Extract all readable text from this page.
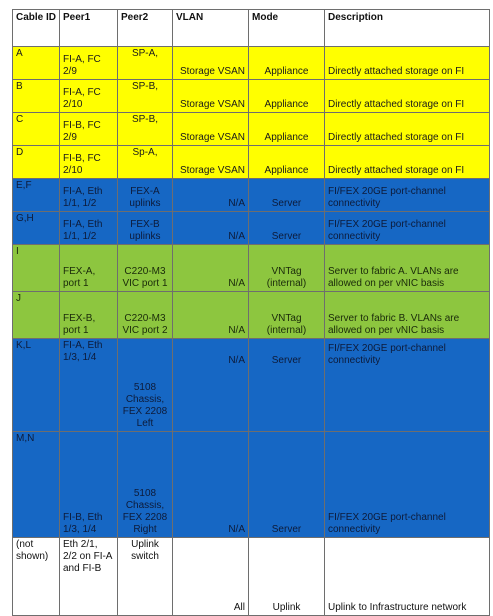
Cable ID	Peer1	Peer2	VLAN	Mode	Description
A	FI-A, FC 2/9	SP-A,	Storage VSAN	Appliance	Directly attached storage on FI
B	FI-A, FC 2/10	SP-B,	Storage VSAN	Appliance	Directly attached storage on FI
C	FI-B, FC 2/9	SP-B,	Storage VSAN	Appliance	Directly attached storage on FI
D	FI-B, FC 2/10	Sp-A,	Storage VSAN	Appliance	Directly attached storage on FI
E,F	FI-A, Eth 1/1, 1/2	FEX-A uplinks	N/A	Server	FI/FEX 20GE port-channel connectivity
G,H	FI-A, Eth 1/1, 1/2	FEX-B uplinks	N/A	Server	FI/FEX 20GE port-channel connectivity
I	FEX-A, port 1	C220-M3 VIC port 1	N/A	VNTag (internal)	Server to fabric A. VLANs are allowed on per vNIC basis
J	FEX-B, port 1	C220-M3 VIC port 2	N/A	VNTag (internal)	Server to fabric B. VLANs are allowed on per vNIC basis
K,L	FI-A, Eth 1/3, 1/4	5108 Chassis, FEX 2208 Left	N/A	Server	FI/FEX 20GE port-channel connectivity
M,N	FI-B, Eth 1/3, 1/4	5108 Chassis, FEX 2208 Right	N/A	Server	FI/FEX 20GE port-channel connectivity
(not shown)	Eth 2/1, 2/2 on FI-A and FI-B	Uplink switch	All	Uplink	Uplink to Infrastructure network
